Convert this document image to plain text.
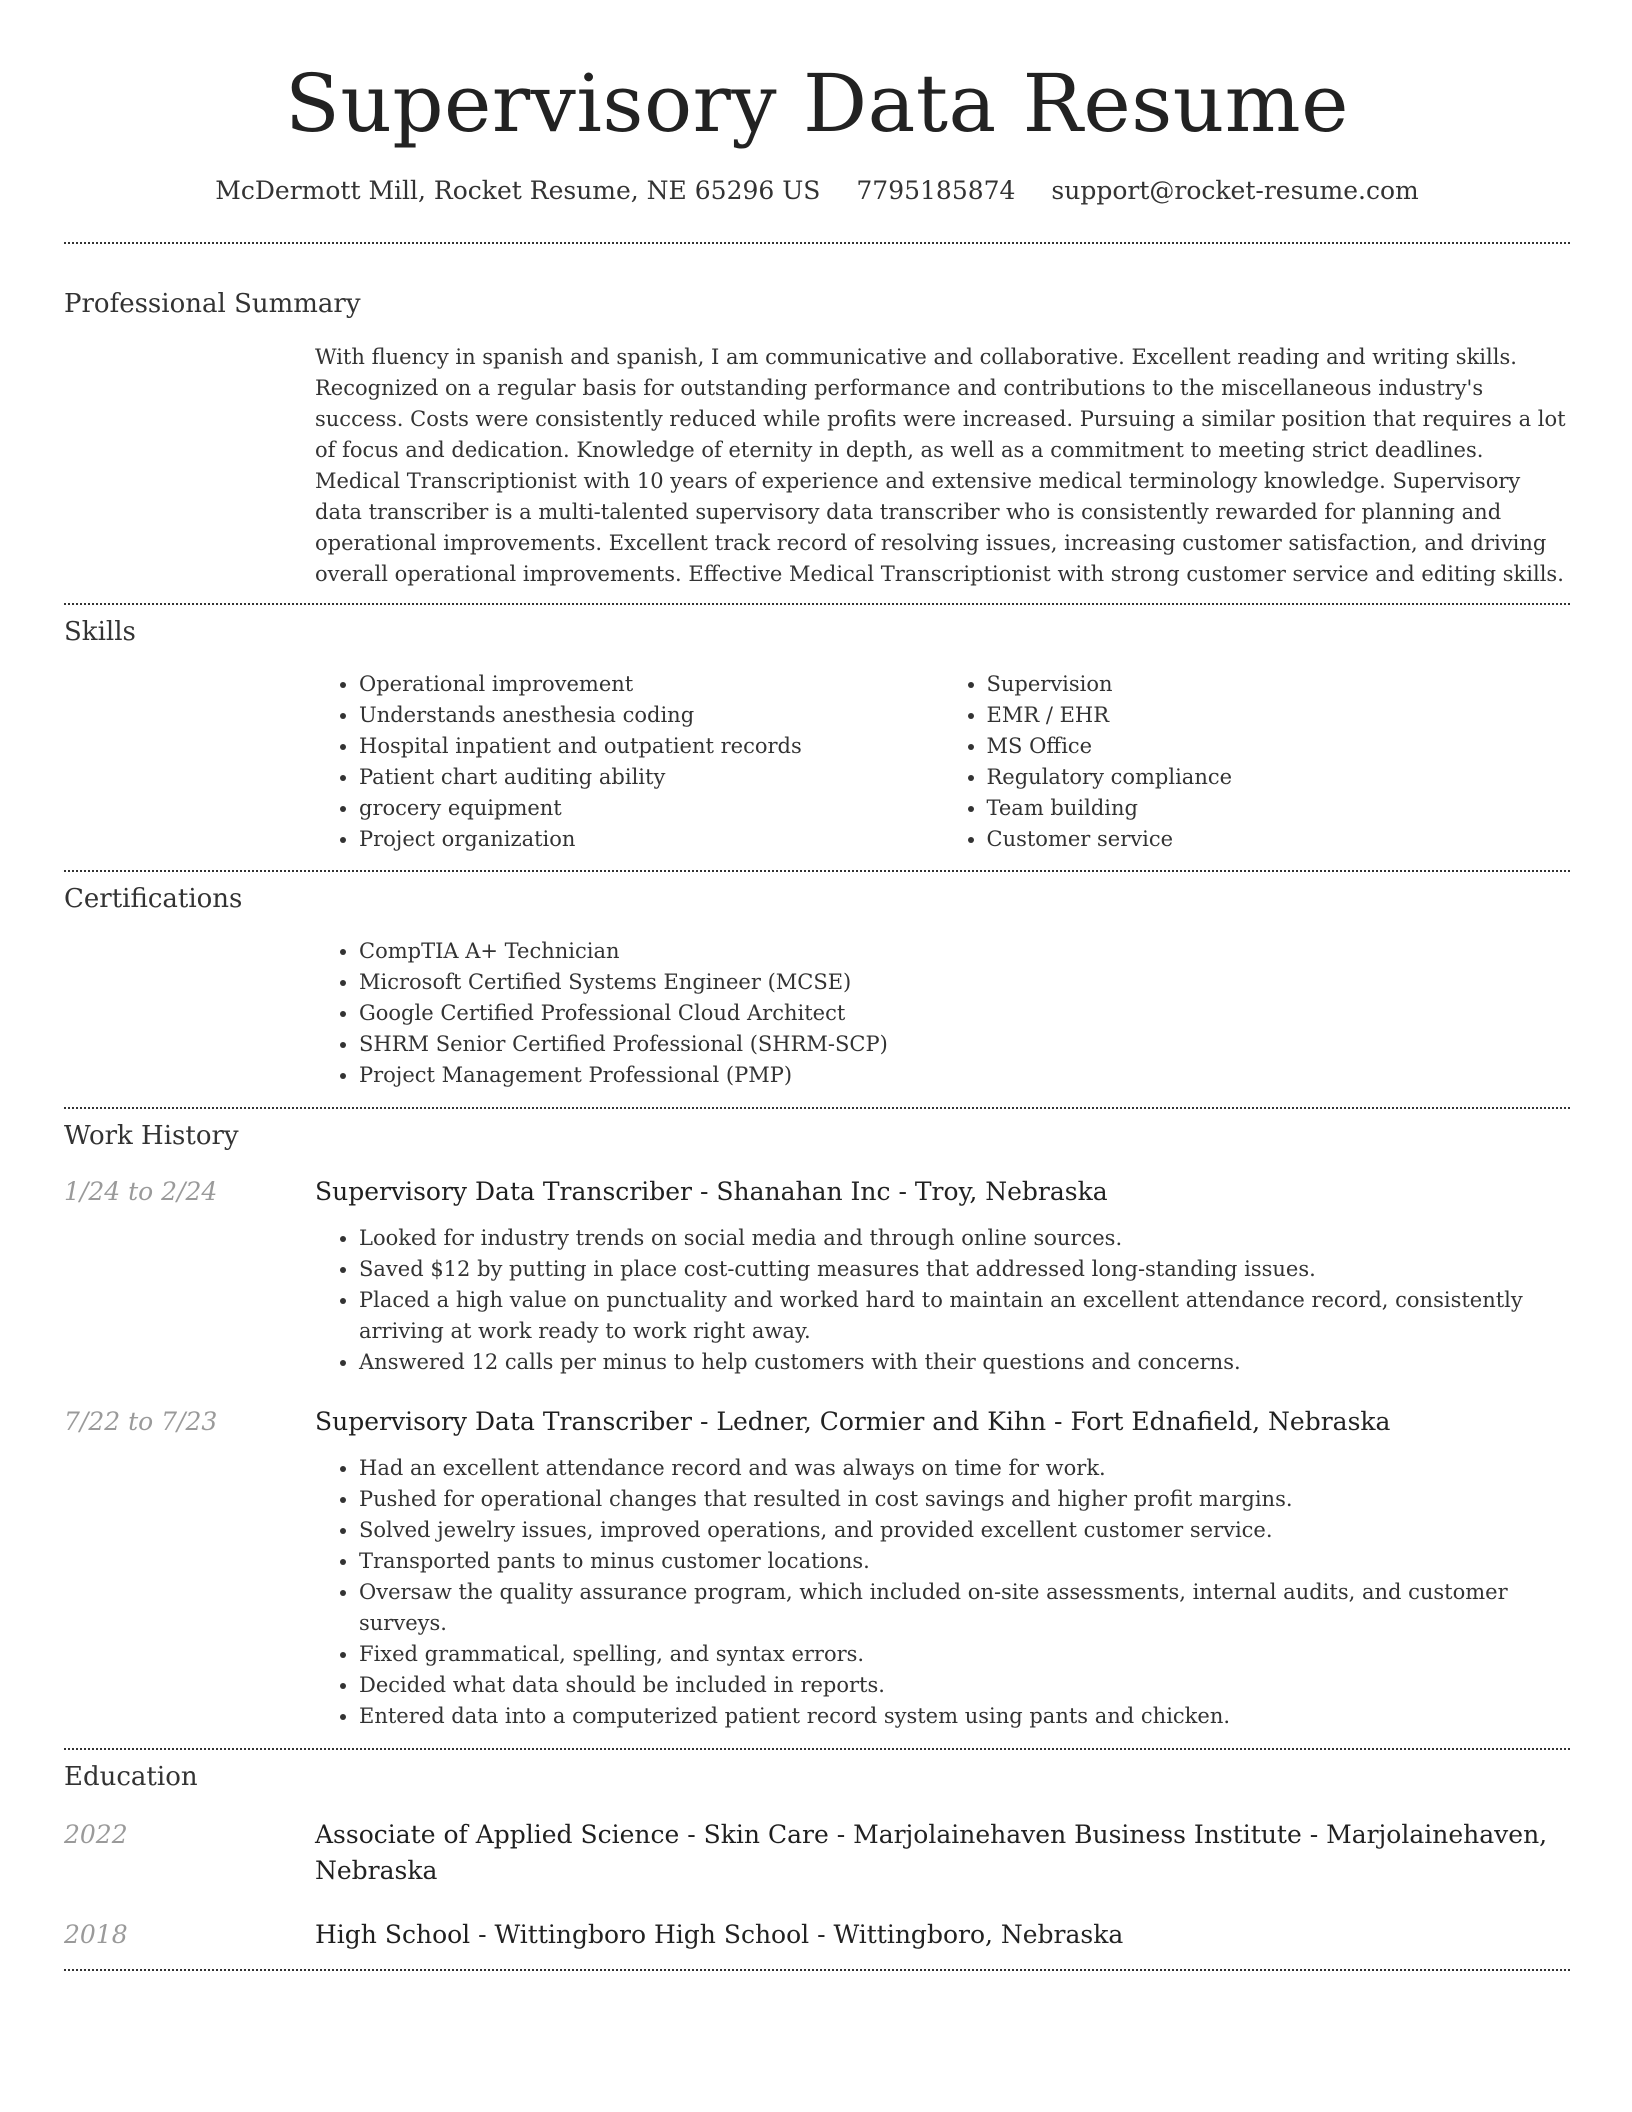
Supervisory Data Resume
McDermott Mill, Rocket Resume, NE 65296 US 7795185874 support@rocket-resume.com
Professional Summary

With fluency in spanish and spanish, I am communicative and collaborative. Excellent reading and writing skills. Recognized on a regular basis for outstanding performance and contributions to the miscellaneous industry's success. Costs were consistently reduced while profits were increased. Pursuing a similar position that requires a lot of focus and dedication. Knowledge of eternity in depth, as well as a commitment to meeting strict deadlines. Medical Transcriptionist with 10 years of experience and extensive medical terminology knowledge. Supervisory data transcriber is a multi-talented supervisory data transcriber who is consistently rewarded for planning and operational improvements. Excellent track record of resolving issues, increasing customer satisfaction, and driving overall operational improvements. Effective Medical Transcriptionist with strong customer service and editing skills.

Skills
• Operational improvement
• Understands anesthesia coding
• Hospital inpatient and outpatient records
• Patient chart auditing ability
• grocery equipment
• Project organization
• Supervision
• EMR / EHR
• MS Office
• Regulatory compliance
• Team building
• Customer service
Certifications
• CompTIA A+ Technician
• Microsoft Certified Systems Engineer (MCSE)
• Google Certified Professional Cloud Architect
• SHRM Senior Certified Professional (SHRM-SCP)
• Project Management Professional (PMP)
Work History
1/24 to 2/24	Supervisory Data Transcriber - Shanahan Inc - Troy, Nebraska

• Looked for industry trends on social media and through online sources.
• Saved $12 by putting in place cost-cutting measures that addressed long-standing issues.
• Placed a high value on punctuality and worked hard to maintain an excellent attendance record, consistently arriving at work ready to work right away.
• Answered 12 calls per minus to help customers with their questions and concerns.
7/22 to 7/23	Supervisory Data Transcriber - Ledner, Cormier and Kihn - Fort Ednafield, Nebraska

• Had an excellent attendance record and was always on time for work.
• Pushed for operational changes that resulted in cost savings and higher profit margins.
• Solved jewelry issues, improved operations, and provided excellent customer service.
• Transported pants to minus customer locations.
• Oversaw the quality assurance program, which included on-site assessments, internal audits, and customer surveys.
• Fixed grammatical, spelling, and syntax errors.
• Decided what data should be included in reports.
• Entered data into a computerized patient record system using pants and chicken.
Education
2022	Associate of Applied Science - Skin Care - Marjolainehaven Business Institute - Marjolainehaven, Nebraska

2018	High School - Wittingboro High School - Wittingboro, Nebraska
